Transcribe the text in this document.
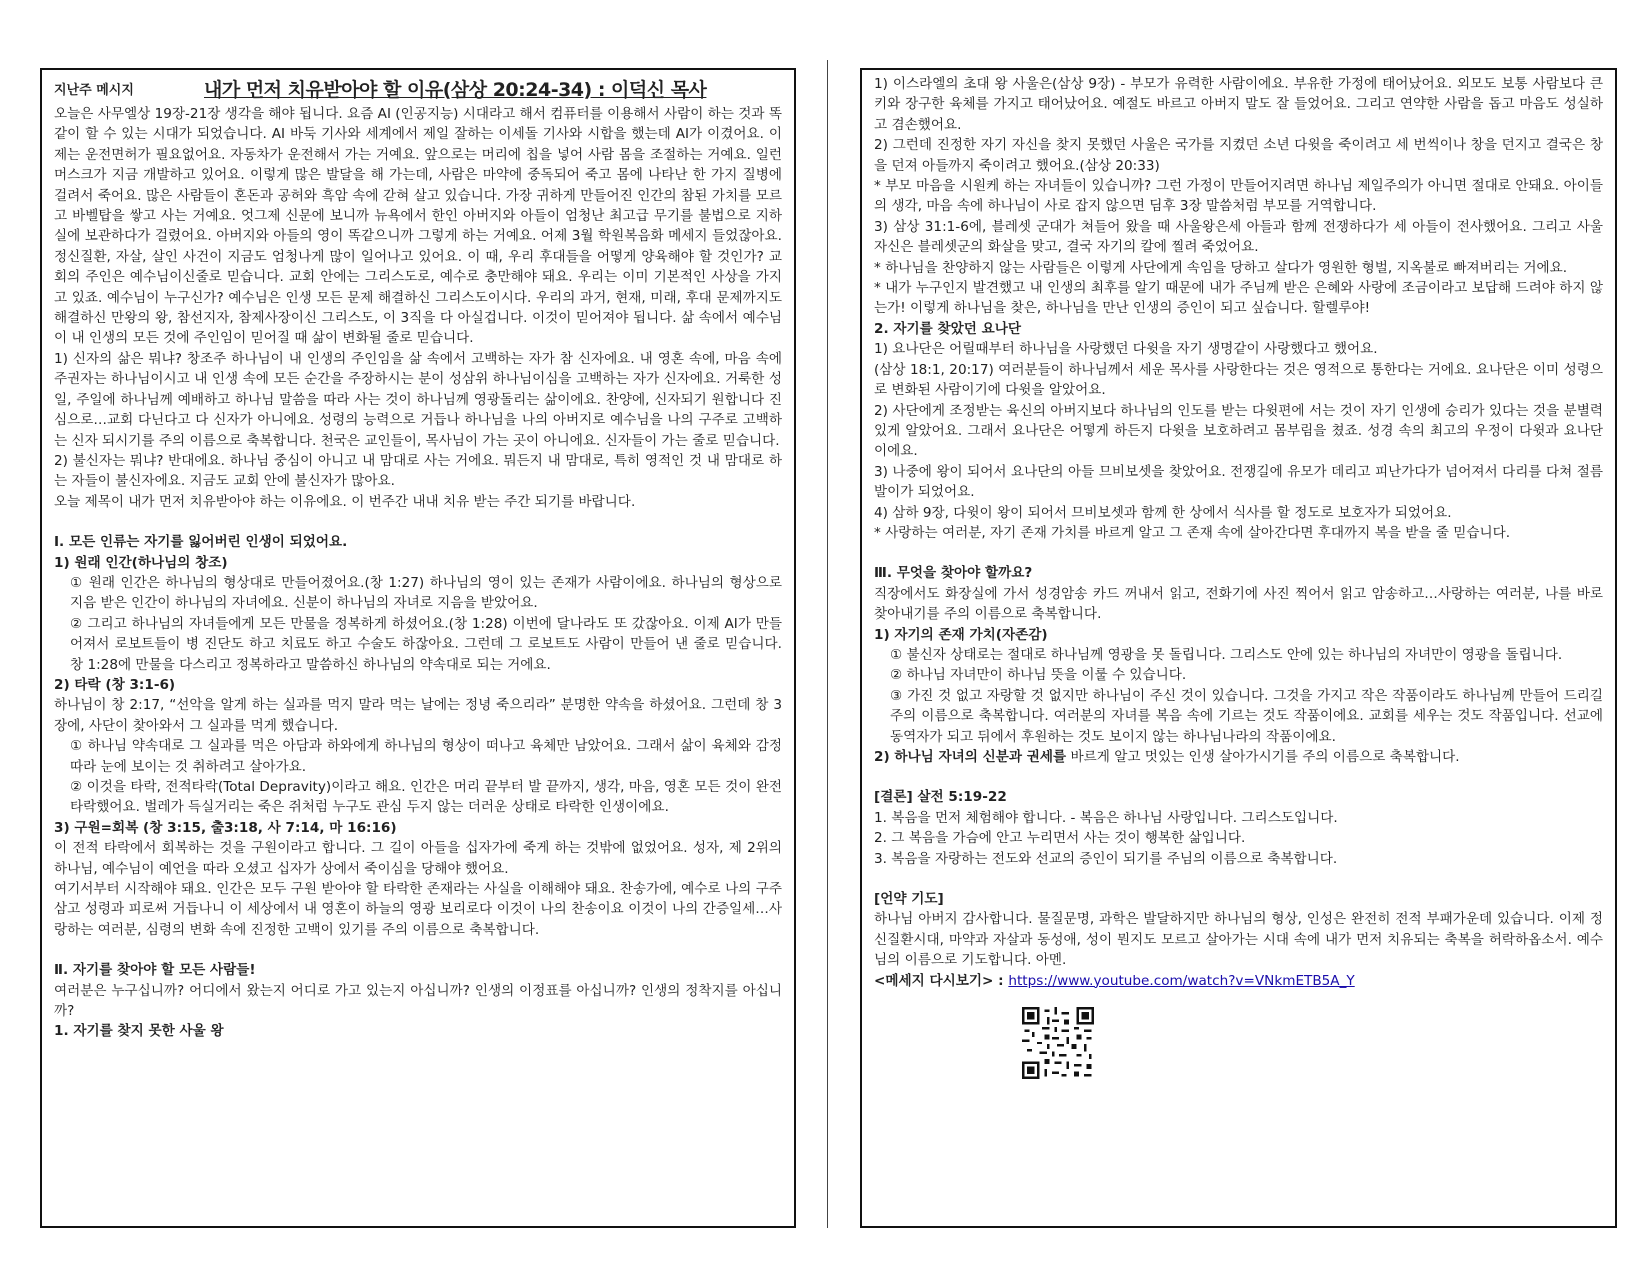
지난주 메시지	내가 먼저 치유받아야 할 이유(삼상 20:24-34) : 이덕신 목사

오늘은 사무엘상 19장-21장 생각을 해야 됩니다. 요즘 AI (인공지능) 시대라고 해서 컴퓨터를 이용해서 사람이 하는 것과 똑같이 할 수 있는 시대가 되었습니다. AI 바둑 기사와 세계에서 제일 잘하는 이세돌 기사와 시합을 했는데 AI가 이겼어요. 이제는 운전면허가 필요없어요. 자동차가 운전해서 가는 거예요. 앞으로는 머리에 칩을 넣어 사람 몸을 조절하는 거예요. 일런 머스크가 지금 개발하고 있어요. 이렇게 많은 발달을 해 가는데, 사람은 마약에 중독되어 죽고 몸에 나타난 한 가지 질병에 걸려서 죽어요. 많은 사람들이 혼돈과 공허와 흑암 속에 갇혀 살고 있습니다. 가장 귀하게 만들어진 인간의 참된 가치를 모르고 바벨탑을 쌓고 사는 거예요. 엇그제 신문에 보니까 뉴욕에서 한인 아버지와 아들이 엄청난 최고급 무기를 불법으로 지하실에 보관하다가 걸렸어요. 아버지와 아들의 영이 똑같으니까 그렇게 하는 거예요. 어제 3월 학원복음화 메세지 들었잖아요. 정신질환, 자살, 살인 사건이 지금도 엄청나게 많이 일어나고 있어요. 이 때, 우리 후대들을 어떻게 양육해야 할 것인가? 교회의 주인은 예수님이신줄로 믿습니다. 교회 안에는 그리스도로, 예수로 충만해야 돼요. 우리는 이미 기본적인 사상을 가지고 있죠. 예수님이 누구신가? 예수님은 인생 모든 문제 해결하신 그리스도이시다. 우리의 과거, 현재, 미래, 후대 문제까지도 해결하신 만왕의 왕, 참선지자, 참제사장이신 그리스도, 이 3직을 다 아실겁니다. 이것이 믿어져야 됩니다. 삶 속에서 예수님이 내 인생의 모든 것에 주인임이 믿어질 때 삶이 변화될 줄로 믿습니다.

1) 신자의 삶은 뭐냐? 창조주 하나님이 내 인생의 주인임을 삶 속에서 고백하는 자가 참 신자에요. 내 영혼 속에, 마음 속에 주권자는 하나님이시고 내 인생 속에 모든 순간을 주장하시는 분이 성삼위 하나님이심을 고백하는 자가 신자에요. 거룩한 성일, 주일에 하나님께 예배하고 하나님 말씀을 따라 사는 것이 하나님께 영광돌리는 삶이에요. 찬양에, 신자되기 원합니다 진심으로…교회 다닌다고 다 신자가 아니에요. 성령의 능력으로 거듭나 하나님을 나의 아버지로 예수님을 나의 구주로 고백하는 신자 되시기를 주의 이름으로 축복합니다. 천국은 교인들이, 목사님이 가는 곳이 아니에요. 신자들이 가는 줄로 믿습니다.

2) 불신자는 뭐냐? 반대에요. 하나님 중심이 아니고 내 맘대로 사는 거에요. 뭐든지 내 맘대로, 특히 영적인 것 내 맘대로 하는 자들이 불신자에요. 지금도 교회 안에 불신자가 많아요.

오늘 제목이 내가 먼저 치유받아야 하는 이유에요. 이 번주간 내내 치유 받는 주간 되기를 바랍니다.

Ⅰ. 모든 인류는 자기를 잃어버린 인생이 되었어요.

1) 원래 인간(하나님의 창조)

① 원래 인간은 하나님의 형상대로 만들어졌어요.(창 1:27) 하나님의 영이 있는 존재가 사람이에요. 하나님의 형상으로 지음 받은 인간이 하나님의 자녀에요. 신분이 하나님의 자녀로 지음을 받았어요.

② 그리고 하나님의 자녀들에게 모든 만물을 정복하게 하셨어요.(창 1:28) 이번에 달나라도 또 갔잖아요. 이제 AI가 만들어져서 로보트들이 병 진단도 하고 치료도 하고 수술도 하잖아요. 그런데 그 로보트도 사람이 만들어 낸 줄로 믿습니다. 창 1:28에 만물을 다스리고 정복하라고 말씀하신 하나님의 약속대로 되는 거에요.

2) 타락 (창 3:1-6)

하나님이 창 2:17, “선악을 알게 하는 실과를 먹지 말라 먹는 날에는 정녕 죽으리라” 분명한 약속을 하셨어요. 그런데 창 3장에, 사단이 찾아와서 그 실과를 먹게 했습니다.

① 하나님 약속대로 그 실과를 먹은 아담과 하와에게 하나님의 형상이 떠나고 육체만 남았어요. 그래서 삶이 육체와 감정 따라 눈에 보이는 것 취하려고 살아가요.

② 이것을 타락, 전적타락(Total Depravity)이라고 해요. 인간은 머리 끝부터 발 끝까지, 생각, 마음, 영혼 모든 것이 완전 타락했어요. 벌레가 득실거리는 죽은 쥐처럼 누구도 관심 두지 않는 더러운 상태로 타락한 인생이에요.

3) 구원=회복 (창 3:15, 출3:18, 사 7:14, 마 16:16)

이 전적 타락에서 회복하는 것을 구원이라고 합니다. 그 길이 아들을 십자가에 죽게 하는 것밖에 없었어요. 성자, 제 2위의 하나님, 예수님이 예언을 따라 오셨고 십자가 상에서 죽이심을 당해야 했어요.

여기서부터 시작해야 돼요. 인간은 모두 구원 받아야 할 타락한 존재라는 사실을 이해해야 돼요. 찬송가에, 예수로 나의 구주 삼고 성령과 피로써 거듭나니 이 세상에서 내 영혼이 하늘의 영광 보리로다 이것이 나의 찬송이요 이것이 나의 간증일세…사랑하는 여러분, 심령의 변화 속에 진정한 고백이 있기를 주의 이름으로 축복합니다.

Ⅱ. 자기를 찾아야 할 모든 사람들!

여러분은 누구십니까? 어디에서 왔는지 어디로 가고 있는지 아십니까? 인생의 이정표를 아십니까? 인생의 정착지를 아십니까?

1. 자기를 찾지 못한 사울 왕

1) 이스라엘의 초대 왕 사울은(삼상 9장) - 부모가 유력한 사람이에요. 부유한 가정에 태어났어요. 외모도 보통 사람보다 큰 키와 장구한 육체를 가지고 태어났어요. 예절도 바르고 아버지 말도 잘 들었어요. 그리고 연약한 사람을 돕고 마음도 성실하고 겸손했어요.

2) 그런데 진정한 자기 자신을 찾지 못했던 사울은 국가를 지켰던 소년 다윗을 죽이려고 세 번씩이나 창을 던지고 결국은 창을 던져 아들까지 죽이려고 했어요.(삼상 20:33)

* 부모 마음을 시원케 하는 자녀들이 있습니까? 그런 가정이 만들어지려면 하나님 제일주의가 아니면 절대로 안돼요. 아이들의 생각, 마음 속에 하나님이 사로 잡지 않으면 딤후 3장 말씀처럼 부모를 거역합니다.

3) 삼상 31:1-6에, 블레셋 군대가 쳐들어 왔을 때 사울왕은세 아들과 함께 전쟁하다가 세 아들이 전사했어요. 그리고 사울 자신은 블레셋군의 화살을 맞고, 결국 자기의 칼에 찔려 죽었어요.

* 하나님을 찬양하지 않는 사람들은 이렇게 사단에게 속임을 당하고 살다가 영원한 형벌, 지옥불로 빠져버리는 거에요.

* 내가 누구인지 발견했고 내 인생의 최후를 알기 때문에 내가 주님께 받은 은혜와 사랑에 조금이라고 보답해 드려야 하지 않는가! 이렇게 하나님을 찾은, 하나님을 만난 인생의 증인이 되고 싶습니다. 할렐루야!

2. 자기를 찾았던 요나단

1) 요나단은 어릴때부터 하나님을 사랑했던 다윗을 자기 생명같이 사랑했다고 했어요.

(삼상 18:1, 20:17) 여러분들이 하나님께서 세운 목사를 사랑한다는 것은 영적으로 통한다는 거에요. 요나단은 이미 성령으로 변화된 사람이기에 다윗을 알았어요.

2) 사단에게 조정받는 육신의 아버지보다 하나님의 인도를 받는 다윗편에 서는 것이 자기 인생에 승리가 있다는 것을 분별력 있게 알았어요. 그래서 요나단은 어떻게 하든지 다윗을 보호하려고 몸부림을 쳤죠. 성경 속의 최고의 우정이 다윗과 요나단이에요.

3) 나중에 왕이 되어서 요나단의 아들 므비보셋을 찾았어요. 전쟁길에 유모가 데리고 피난가다가 넘어져서 다리를 다쳐 절름발이가 되었어요.

4) 삼하 9장, 다윗이 왕이 되어서 므비보셋과 함께 한 상에서 식사를 할 정도로 보호자가 되었어요.

* 사랑하는 여러분, 자기 존재 가치를 바르게 알고 그 존재 속에 살아간다면 후대까지 복을 받을 줄 믿습니다.

Ⅲ. 무엇을 찾아야 할까요?

직장에서도 화장실에 가서 성경암송 카드 꺼내서 읽고, 전화기에 사진 찍어서 읽고 암송하고…사랑하는 여러분, 나를 바로 찾아내기를 주의 이름으로 축복합니다.

1) 자기의 존재 가치(자존감)

① 불신자 상태로는 절대로 하나님께 영광을 못 돌립니다. 그리스도 안에 있는 하나님의 자녀만이 영광을 돌립니다.

② 하나님 자녀만이 하나님 뜻을 이룰 수 있습니다.

③ 가진 것 없고 자랑할 것 없지만 하나님이 주신 것이 있습니다. 그것을 가지고 작은 작품이라도 하나님께 만들어 드리길 주의 이름으로 축복합니다. 여러분의 자녀를 복음 속에 기르는 것도 작품이에요. 교회를 세우는 것도 작품입니다. 선교에 동역자가 되고 뒤에서 후원하는 것도 보이지 않는 하나님나라의 작품이에요.

2) 하나님 자녀의 신분과 권세를 바르게 알고 멋있는 인생 살아가시기를 주의 이름으로 축복합니다.

[결론] 살전 5:19-22

1. 복음을 먼저 체험해야 합니다. - 복음은 하나님 사랑입니다. 그리스도입니다.

2. 그 복음을 가슴에 안고 누리면서 사는 것이 행복한 삶입니다.

3. 복음을 자랑하는 전도와 선교의 증인이 되기를 주님의 이름으로 축복합니다.

[언약 기도]

하나님 아버지 감사합니다. 물질문명, 과학은 발달하지만 하나님의 형상, 인성은 완전히 전적 부패가운데 있습니다. 이제 정신질환시대, 마약과 자살과 동성애, 성이 뭔지도 모르고 살아가는 시대 속에 내가 먼저 치유되는 축복을 허락하옵소서. 예수님의 이름으로 기도합니다. 아멘.

<메세지 다시보기> : https://www.youtube.com/watch?v=VNkmETB5A_Y
